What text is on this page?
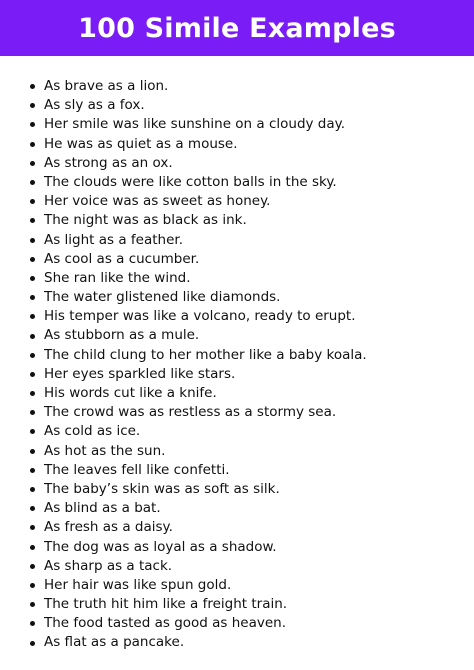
100 Simile Examples
As brave as a lion.
As sly as a fox.
Her smile was like sunshine on a cloudy day.
He was as quiet as a mouse.
As strong as an ox.
The clouds were like cotton balls in the sky.
Her voice was as sweet as honey.
The night was as black as ink.
As light as a feather.
As cool as a cucumber.
She ran like the wind.
The water glistened like diamonds.
His temper was like a volcano, ready to erupt.
As stubborn as a mule.
The child clung to her mother like a baby koala.
Her eyes sparkled like stars.
His words cut like a knife.
The crowd was as restless as a stormy sea.
As cold as ice.
As hot as the sun.
The leaves fell like confetti.
The baby’s skin was as soft as silk.
As blind as a bat.
As fresh as a daisy.
The dog was as loyal as a shadow.
As sharp as a tack.
Her hair was like spun gold.
The truth hit him like a freight train.
The food tasted as good as heaven.
As flat as a pancake.
